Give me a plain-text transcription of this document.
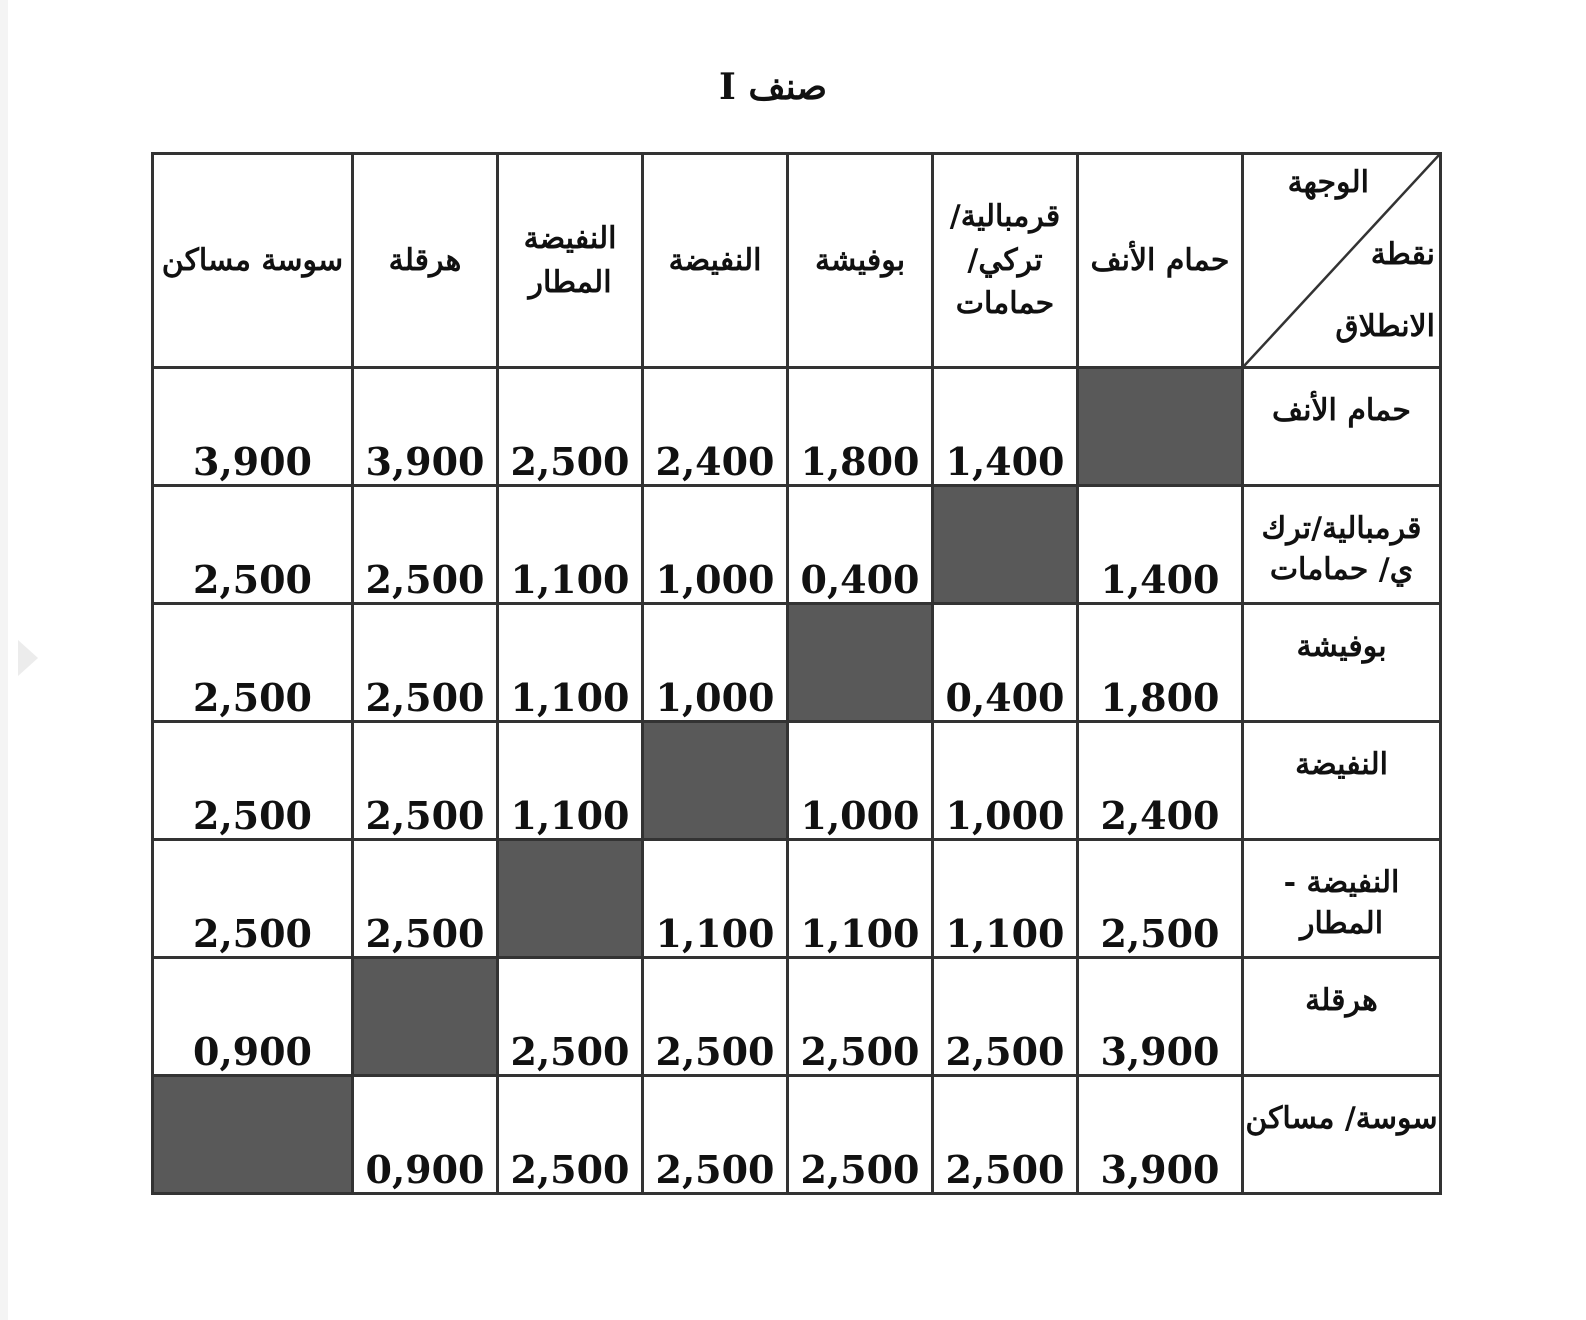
صنف I
الوجهة
نقطة
الانطلاق	حمام الأنف	قرمبالية/ تركي/ حمامات	بوفيشة	النفيضة	النفيضة المطار	هرقلة	سوسة مساكن
حمام الأنف		1,400	1,800	2,400	2,500	3,900	3,900
قرمبالية/ترك ي/ حمامات	1,400		0,400	1,000	1,100	2,500	2,500
بوفيشة	1,800	0,400		1,000	1,100	2,500	2,500
النفيضة	2,400	1,000	1,000		1,100	2,500	2,500
النفيضة - المطار	2,500	1,100	1,100	1,100		2,500	2,500
هرقلة	3,900	2,500	2,500	2,500	2,500		0,900
سوسة/ مساكن	3,900	2,500	2,500	2,500	2,500	0,900	
